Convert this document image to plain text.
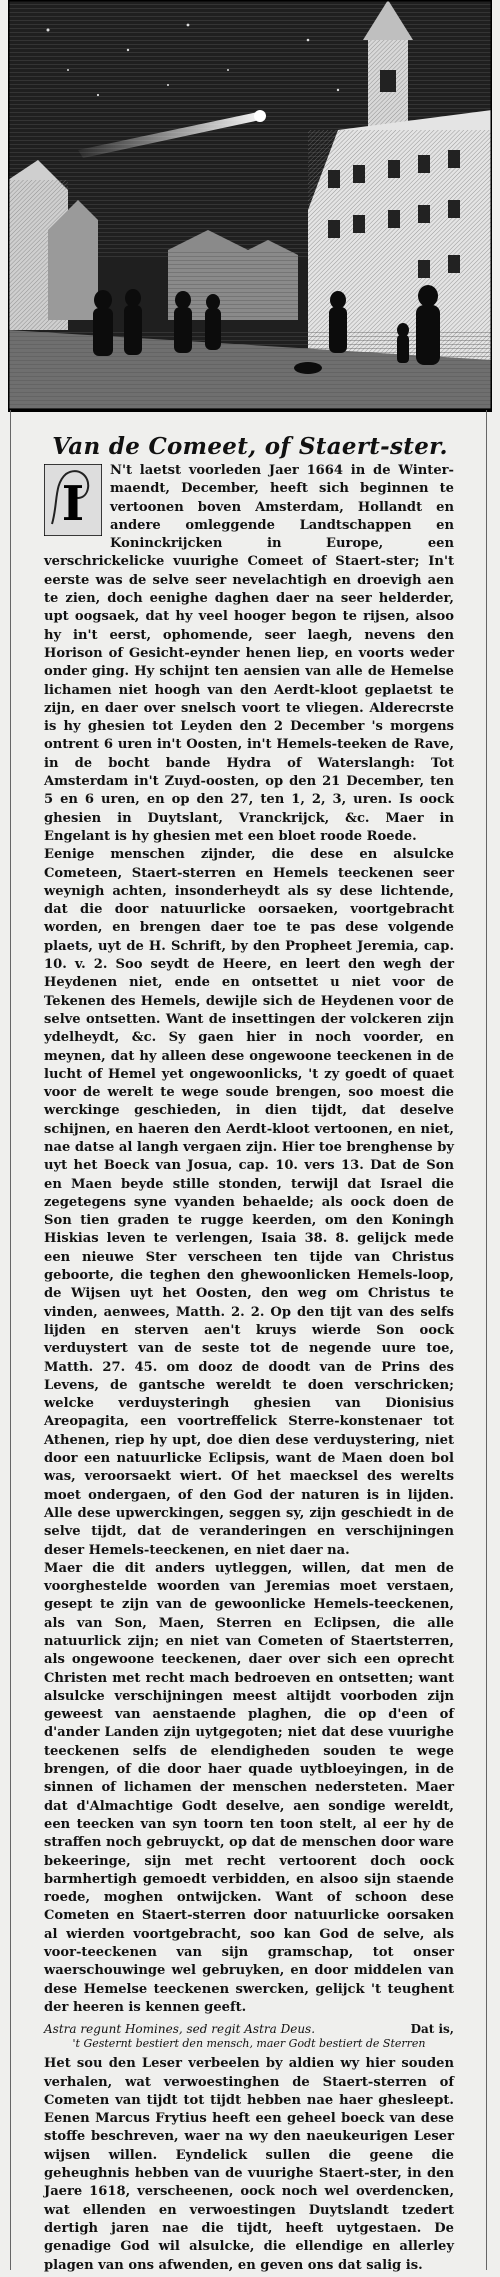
Van de Comeet, of Staert-ster.
I

N't laetst voorleden Jaer 1664 in de Winter-maendt, December, heeft sich beginnen te vertoonen boven Amsterdam, Hollandt en andere omleggende Landtschappen en Koninckrijcken in Europe, een verschrickelicke vuurighe Comeet of Staert-ster; In't eerste was de selve seer nevelachtigh en droevigh aen te zien, doch eenighe daghen daer na seer helderder, upt oogsaek, dat hy veel hooger begon te rijsen, alsoo hy in't eerst, ophomende, seer laegh, nevens den Horison of Gesicht-eynder henen liep, en voorts weder onder ging. Hy schijnt ten aensien van alle de Hemelse lichamen niet hoogh van den Aerdt-kloot geplaetst te zijn, en daer over snelsch voort te vliegen. Alderecrste is hy ghesien tot Leyden den 2 December 's morgens ontrent 6 uren in't Oosten, in't Hemels-teeken de Rave, in de bocht bande Hydra of Waterslangh: Tot Amsterdam in't Zuyd-oosten, op den 21 December, ten 5 en 6 uren, en op den 27, ten 1, 2, 3, uren. Is oock ghesien in Duytslant, Vranckrijck, &c. Maer in Engelant is hy ghesien met een bloet roode Roede.

Eenige menschen zijnder, die dese en alsulcke Cometeen, Staert-sterren en Hemels teeckenen seer weynigh achten, insonderheydt als sy dese lichtende, dat die door natuurlicke oorsaeken, voortgebracht worden, en brengen daer toe te pas dese volgende plaets, uyt de H. Schrift, by den Propheet Jeremia, cap. 10. v. 2. Soo seydt de Heere, en leert den wegh der Heydenen niet, ende en ontsettet u niet voor de Tekenen des Hemels, dewijle sich de Heydenen voor de selve ontsetten. Want de insettingen der volckeren zijn ydelheydt, &c. Sy gaen hier in noch voorder, en meynen, dat hy alleen dese ongewoone teeckenen in de lucht of Hemel yet ongewoonlicks, 't zy goedt of quaet voor de werelt te wege soude brengen, soo moest die werckinge geschieden, in dien tijdt, dat deselve schijnen, en haeren den Aerdt-kloot vertoonen, en niet, nae datse al langh vergaen zijn. Hier toe brenghense by uyt het Boeck van Josua, cap. 10. vers 13. Dat de Son en Maen beyde stille stonden, terwijl dat Israel die zegetegens syne vyanden behaelde; als oock doen de Son tien graden te rugge keerden, om den Koningh Hiskias leven te verlengen, Isaia 38. 8. gelijck mede een nieuwe Ster verscheen ten tijde van Christus geboorte, die teghen den ghewoonlicken Hemels-loop, de Wijsen uyt het Oosten, den weg om Christus te vinden, aenwees, Matth. 2. 2. Op den tijt van des selfs lijden en sterven aen't kruys wierde Son oock verduystert van de seste tot de negende uure toe, Matth. 27. 45. om dooz de doodt van de Prins des Levens, de gantsche wereldt te doen verschricken; welcke verduysteringh ghesien van Dionisius Areopagita, een voortreffelick Sterre-konstenaer tot Athenen, riep hy upt, doe dien dese verduystering, niet door een natuurlicke Eclipsis, want de Maen doen bol was, veroorsaekt wiert. Of het maecksel des werelts moet ondergaen, of den God der naturen is in lijden. Alle dese upwerckingen, seggen sy, zijn geschiedt in de selve tijdt, dat de veranderingen en verschijningen deser Hemels-teeckenen, en niet daer na.

Maer die dit anders uytleggen, willen, dat men de voorghestelde woorden van Jeremias moet verstaen, gesept te zijn van de gewoonlicke Hemels-teeckenen, als van Son, Maen, Sterren en Eclipsen, die alle natuurlick zijn; en niet van Cometen of Staertsterren, als ongewoone teeckenen, daer over sich een oprecht Christen met recht mach bedroeven en ontsetten; want alsulcke verschijningen meest altijdt voorboden zijn geweest van aenstaende plaghen, die op d'een of d'ander Landen zijn uytgegoten; niet dat dese vuurighe teeckenen selfs de elendigheden souden te wege brengen, of die door haer quade uytbloeyingen, in de sinnen of lichamen der menschen nedersteten. Maer dat d'Almachtige Godt deselve, aen sondige wereldt, een teecken van syn toorn ten toon stelt, al eer hy de straffen noch gebruyckt, op dat de menschen door ware bekeeringe, sijn met recht vertoorent doch oock barmhertigh gemoedt verbidden, en alsoo sijn staende roede, moghen ontwijcken. Want of schoon dese Cometen en Staert-sterren door natuurlicke oorsaken al wierden voortgebracht, soo kan God de selve, als voor-teeckenen van sijn gramschap, tot onser waerschouwinge wel gebruyken, en door middelen van dese Hemelse teeckenen swercken, gelijck 't teughent der heeren is kennen geeft.

Astra regunt Homines, sed regit Astra Deus.	Dat is,
't Gesternt bestiert den mensch, maer Godt bestiert de Sterren

Het sou den Leser verbeelen by aldien wy hier souden verhalen, wat verwoestinghen de Staert-sterren of Cometen van tijdt tot tijdt hebben nae haer ghesleept. Eenen Marcus Frytius heeft een geheel boeck van dese stoffe beschreven, waer na wy den naeukeurigen Leser wijsen willen. Eyndelick sullen die geene die geheughnis hebben van de vuurighe Staert-ster, in den Jaere 1618, verscheenen, oock noch wel overdencken, wat ellenden en verwoestingen Duytslandt tzedert dertigh jaren nae die tijdt, heeft uytgestaen. De genadige God wil alsulcke, die ellendige en allerley plagen van ons afwenden, en geven ons dat salig is.
